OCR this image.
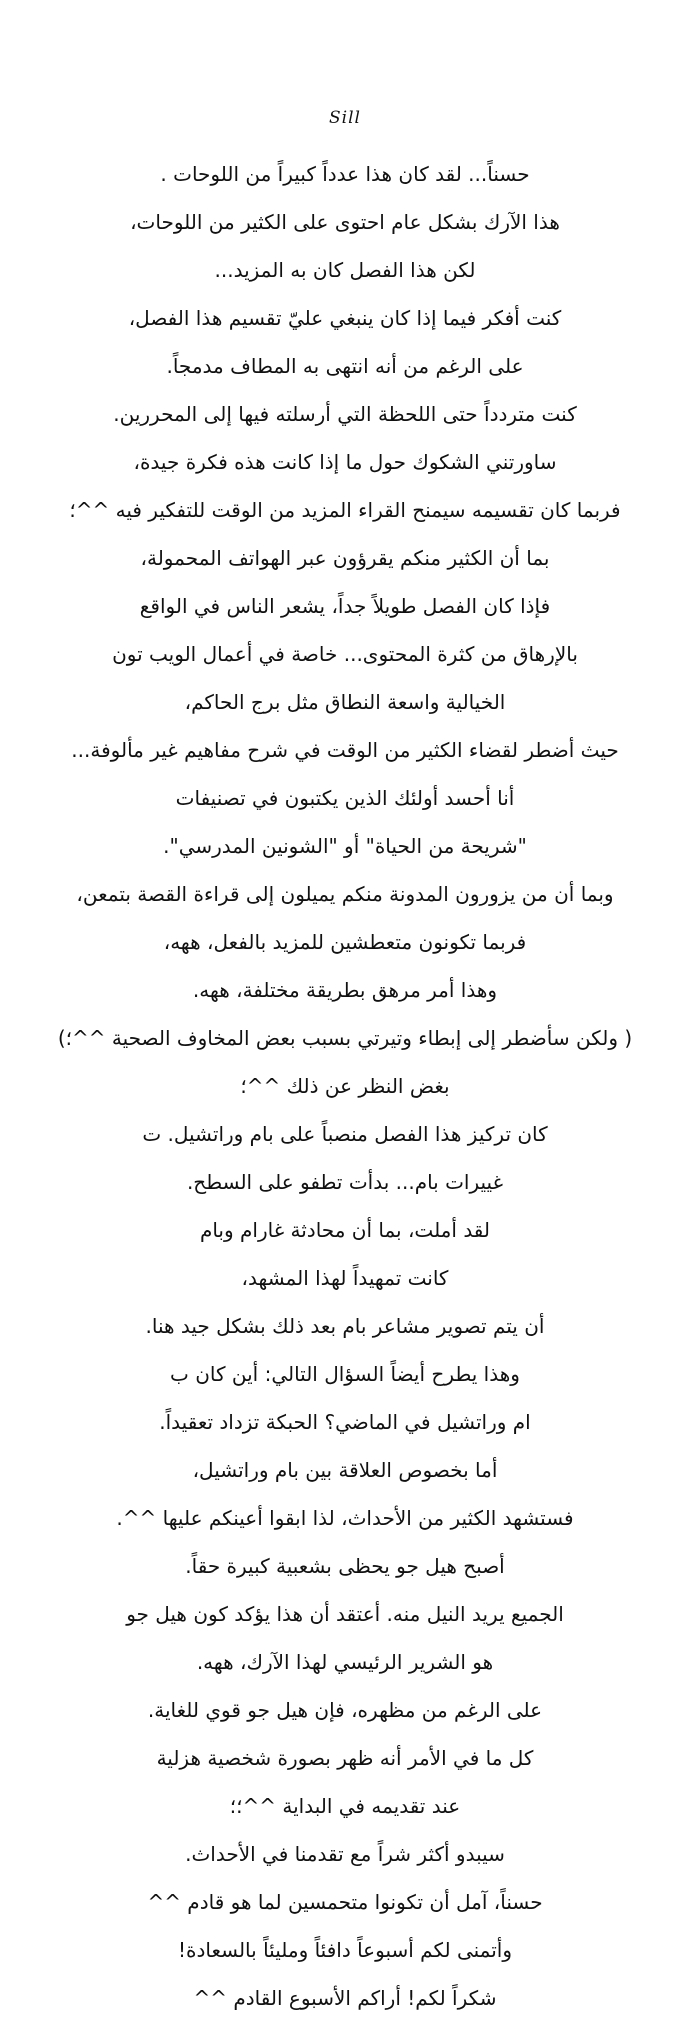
Sill
حسناً... لقد كان هذا عدداً كبيراً من اللوحات .
هذا الآرك بشكل عام احتوى على الكثير من اللوحات،
لكن هذا الفصل كان به المزيد...
كنت أفكر فيما إذا كان ينبغي عليّ تقسيم هذا الفصل،
على الرغم من أنه انتهى به المطاف مدمجاً.
كنت متردداً حتى اللحظة التي أرسلته فيها إلى المحررين.
ساورتني الشكوك حول ما إذا كانت هذه فكرة جيدة،
فربما كان تقسيمه سيمنح القراء المزيد من الوقت للتفكير فيه ^^؛
بما أن الكثير منكم يقرؤون عبر الهواتف المحمولة،
فإذا كان الفصل طويلاً جداً، يشعر الناس في الواقع
بالإرهاق من كثرة المحتوى... خاصة في أعمال الويب تون
الخيالية واسعة النطاق مثل برج الحاكم،
حيث أضطر لقضاء الكثير من الوقت في شرح مفاهيم غير مألوفة...
أنا أحسد أولئك الذين يكتبون في تصنيفات
"شريحة من الحياة" أو "الشونين المدرسي".
وبما أن من يزورون المدونة منكم يميلون إلى قراءة القصة بتمعن،
فربما تكونون متعطشين للمزيد بالفعل، ههه،
وهذا أمر مرهق بطريقة مختلفة، ههه.
( ولكن سأضطر إلى إبطاء وتيرتي بسبب بعض المخاوف الصحية ^^؛)
بغض النظر عن ذلك ^^؛
كان تركيز هذا الفصل منصباً على بام وراتشيل. ت
غييرات بام... بدأت تطفو على السطح.
لقد أملت، بما أن محادثة غارام وبام
كانت تمهيداً لهذا المشهد،
أن يتم تصوير مشاعر بام بعد ذلك بشكل جيد هنا.
وهذا يطرح أيضاً السؤال التالي: أين كان ب
ام وراتشيل في الماضي؟ الحبكة تزداد تعقيداً.
أما بخصوص العلاقة بين بام وراتشيل،
فستشهد الكثير من الأحداث، لذا ابقوا أعينكم عليها ^^.
أصبح هيل جو يحظى بشعبية كبيرة حقاً.
الجميع يريد النيل منه. أعتقد أن هذا يؤكد كون هيل جو
هو الشرير الرئيسي لهذا الآرك، ههه.
على الرغم من مظهره، فإن هيل جو قوي للغاية.
كل ما في الأمر أنه ظهر بصورة شخصية هزلية
عند تقديمه في البداية ^^؛؛
سيبدو أكثر شراً مع تقدمنا في الأحداث.
حسناً، آمل أن تكونوا متحمسين لما هو قادم ^^
وأتمنى لكم أسبوعاً دافئاً ومليئاً بالسعادة!
شكراً لكم! أراكم الأسبوع القادم ^^
